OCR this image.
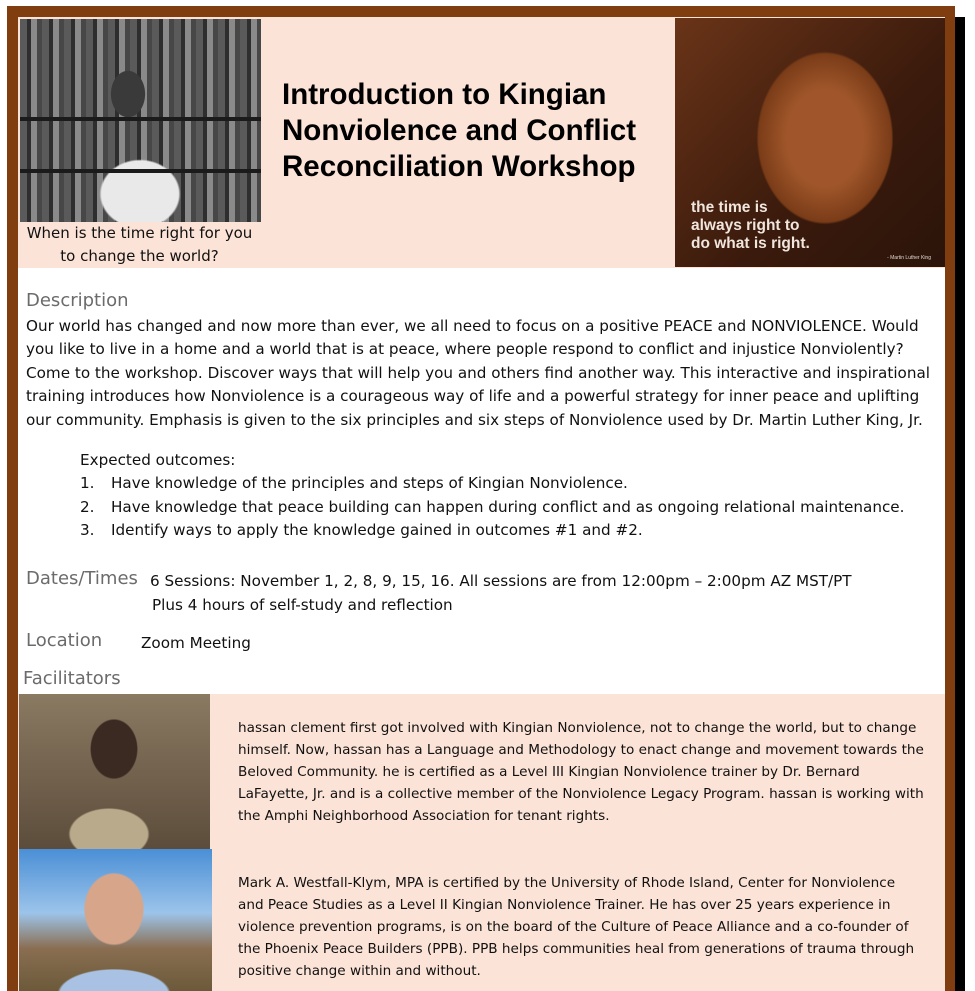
When is the time right for you
to change the world?
Introduction to Kingian
Nonviolence and Conflict
Reconciliation Workshop
the time is
always right to
do what is right.
- Martin Luther King
Description
Our world has changed and now more than ever, we all need to focus on a positive PEACE and NONVIOLENCE. Would
you like to live in a home and a world that is at peace, where people respond to conflict and injustice Nonviolently?
Come to the workshop. Discover ways that will help you and others find another way. This interactive and inspirational
training introduces how Nonviolence is a courageous way of life and a powerful strategy for inner peace and uplifting
our community. Emphasis is given to the six principles and six steps of Nonviolence used by Dr. Martin Luther King, Jr.
Expected outcomes:
1. Have knowledge of the principles and steps of Kingian Nonviolence.
2. Have knowledge that peace building can happen during conflict and as ongoing relational maintenance.
3. Identify ways to apply the knowledge gained in outcomes #1 and #2.
Dates/Times 6 Sessions: November 1, 2, 8, 9, 15, 16. All sessions are from 12:00pm – 2:00pm AZ MST/PT
Plus 4 hours of self-study and reflection
Location	Zoom Meeting
Facilitators
hassan clement first got involved with Kingian Nonviolence, not to change the world, but to change
himself. Now, hassan has a Language and Methodology to enact change and movement towards the
Beloved Community. he is certified as a Level III Kingian Nonviolence trainer by Dr. Bernard
LaFayette, Jr. and is a collective member of the Nonviolence Legacy Program. hassan is working with
the Amphi Neighborhood Association for tenant rights.
Mark A. Westfall-Klym, MPA is certified by the University of Rhode Island, Center for Nonviolence
and Peace Studies as a Level II Kingian Nonviolence Trainer. He has over 25 years experience in
violence prevention programs, is on the board of the Culture of Peace Alliance and a co-founder of
the Phoenix Peace Builders (PPB). PPB helps communities heal from generations of trauma through
positive change within and without.
